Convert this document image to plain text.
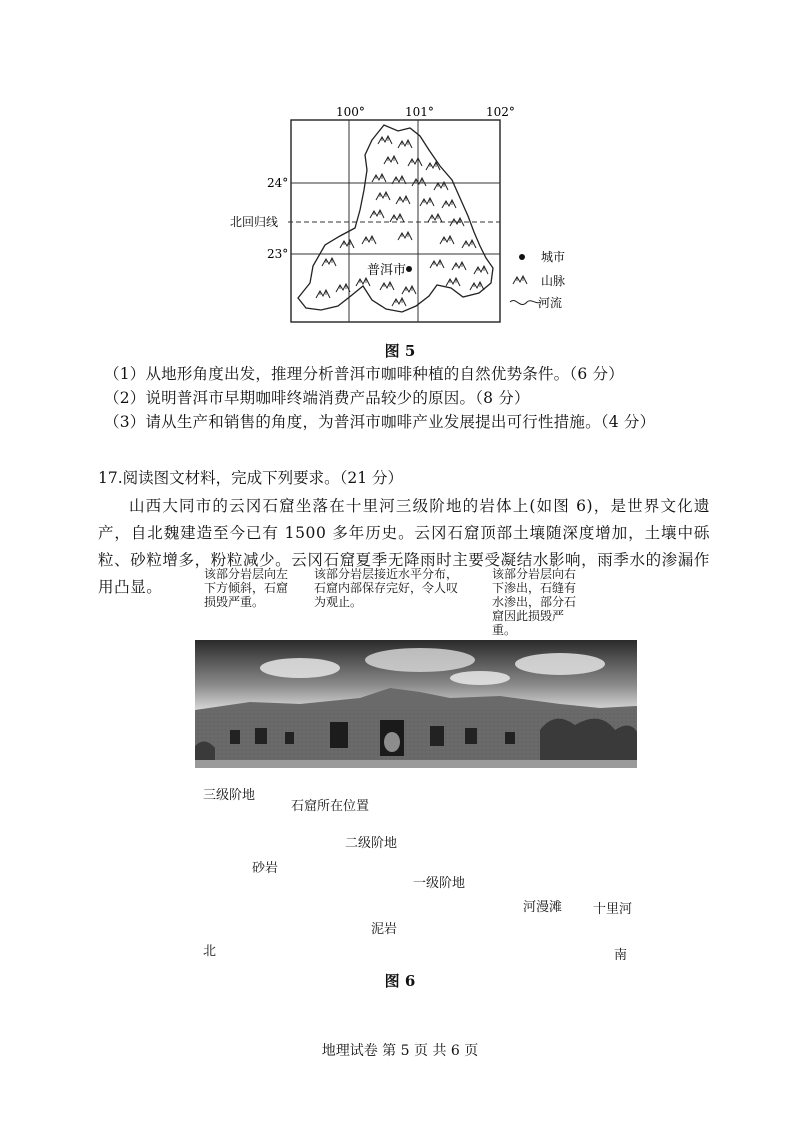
普洱市
100°	101°	102°
24°
北回归线
23°	城市
山脉
河流
图 5
（1）从地形角度出发，推理分析普洱市咖啡种植的自然优势条件。（6 分）
（2）说明普洱市早期咖啡终端消费产品较少的原因。（8 分）
（3）请从生产和销售的角度，为普洱市咖啡产业发展提出可行性措施。（4 分）
17.阅读图文材料，完成下列要求。（21 分）
山西大同市的云冈石窟坐落在十里河三级阶地的岩体上(如图 6)，是世界文化遗产，自北魏建造至今已有 1500 多年历史。云冈石窟顶部土壤随深度增加，土壤中砾粒、砂粒增多，粉粒减少。云冈石窟夏季无降雨时主要受凝结水影响，雨季水的渗漏作用凸显。
该部分岩层向左下方倾斜，石窟损毁严重。
该部分岩层接近水平分布，石窟内部保存完好，令人叹为观止。
该部分岩层向右下渗出，石缝有水渗出，部分石窟因此损毁严重。
三级阶地
石窟所在位置
二级阶地
砂岩
一级阶地
河漫滩 十里河
泥岩
北	南
图 6
地理试卷 第 5 页 共 6 页
